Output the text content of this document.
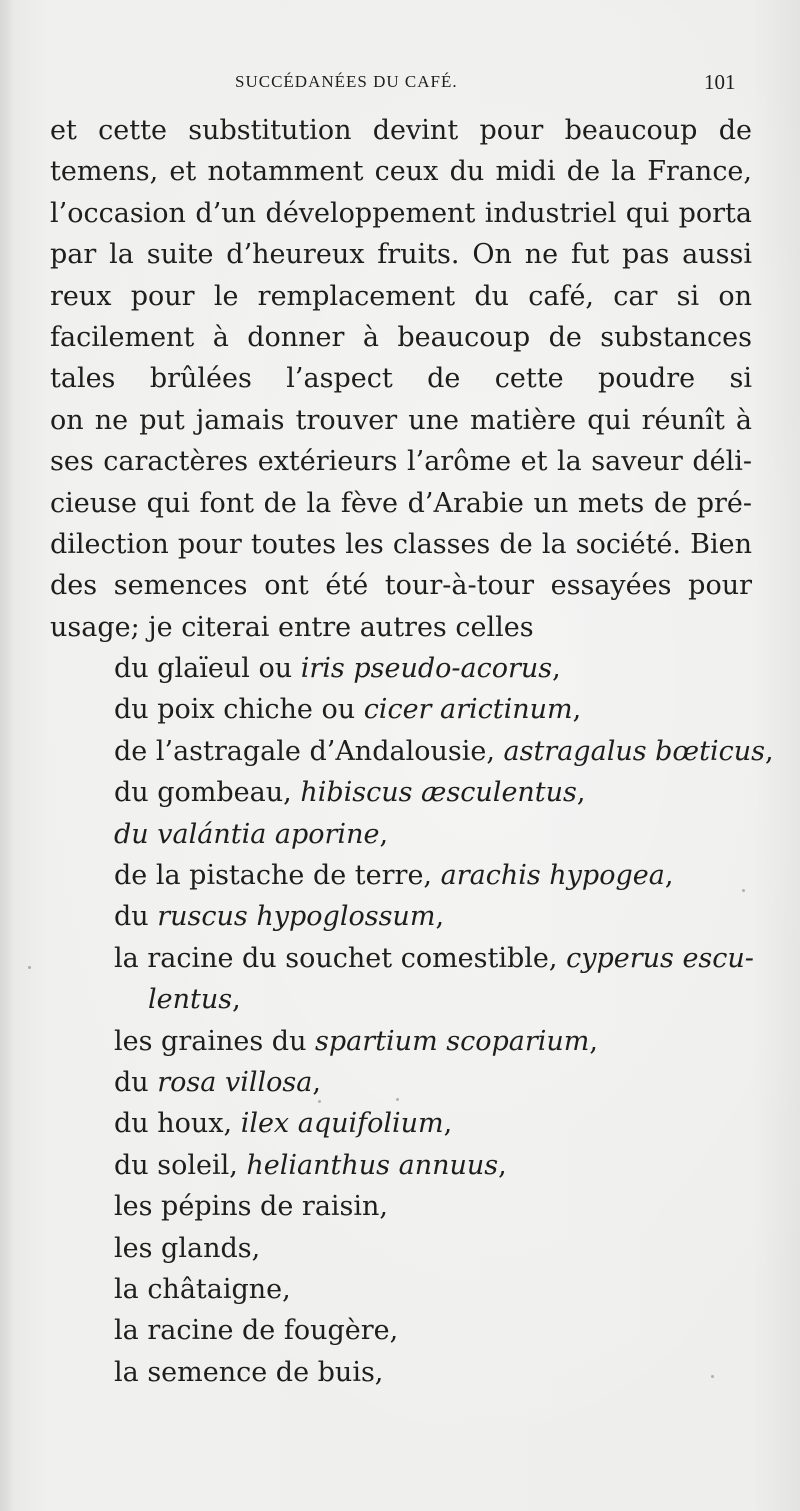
SUCCÉDANÉES DU CAFÉ.	101
et cette substitution devint pour beaucoup de
temens, et notamment ceux du midi de la France,
l’occasion d’un développement industriel qui porta
par la suite d’heureux fruits. On ne fut pas aussi
reux pour le remplacement du café, car si on
facilement à donner à beaucoup de substances
tales brûlées l’aspect de cette poudre si
on ne put jamais trouver une matière qui réunît à
ses caractères extérieurs l’arôme et la saveur déli-
cieuse qui font de la fève d’Arabie un mets de pré-
dilection pour toutes les classes de la société. Bien
des semences ont été tour-à-tour essayées pour
usage; je citerai entre autres celles
du glaïeul ou iris pseudo-acorus,
du poix chiche ou cicer arictinum,
de l’astragale d’Andalousie, astragalus bœticus,
du gombeau, hibiscus æsculentus,
du valántia aporine,
de la pistache de terre, arachis hypogea,
du ruscus hypoglossum,
la racine du souchet comestible, cyperus escu-
lentus,
les graines du spartium scoparium,
du rosa villosa,
du houx, ilex aquifolium,
du soleil, helianthus annuus,
les pépins de raisin,
les glands,
la châtaigne,
la racine de fougère,
la semence de buis,
